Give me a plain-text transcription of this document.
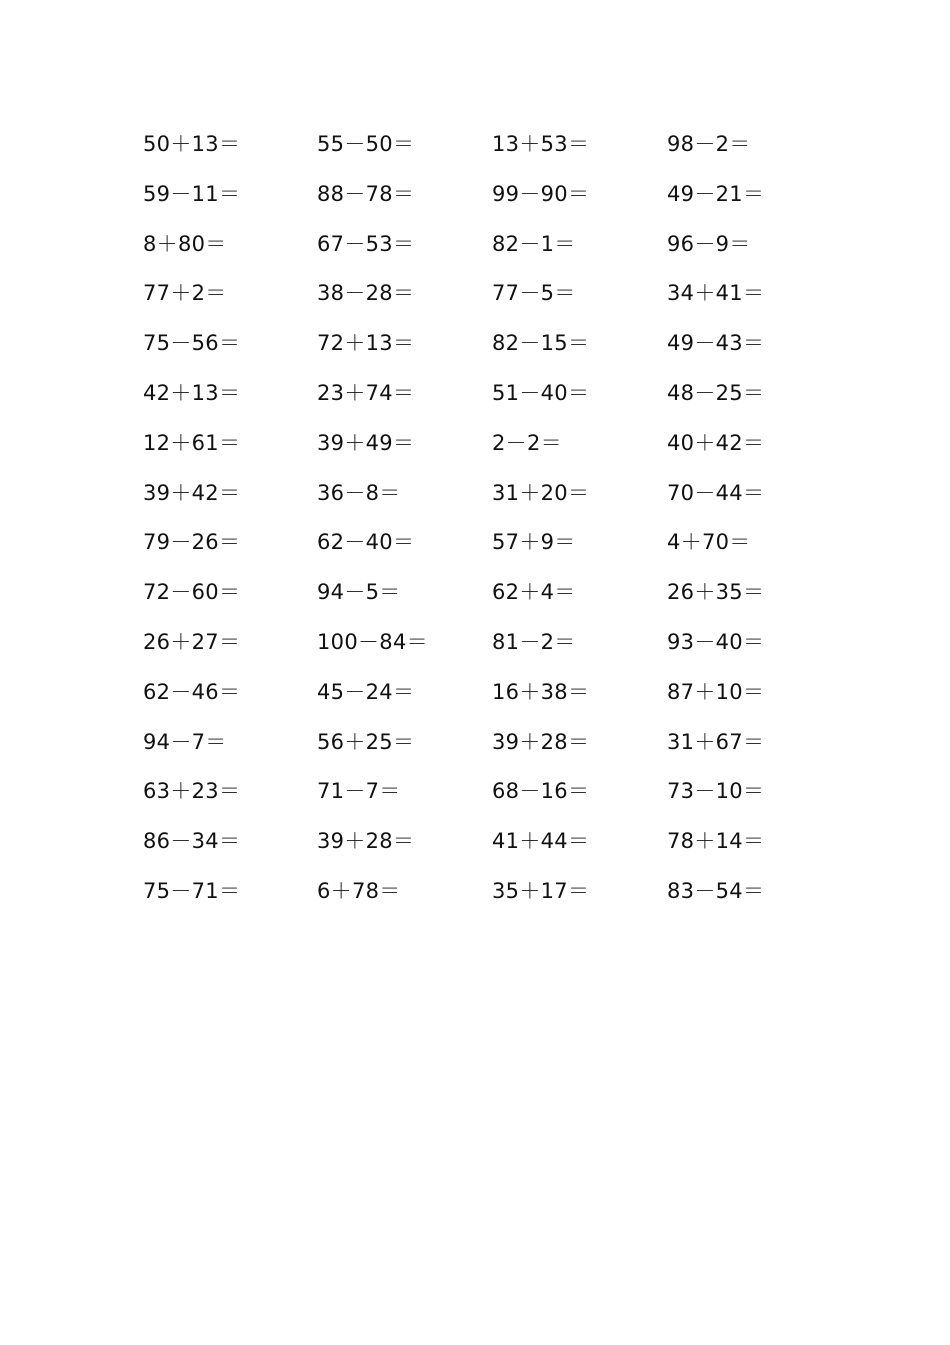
50＋13＝	55－50＝	13＋53＝	98－2＝
59－11＝	88－78＝	99－90＝	49－21＝
8＋80＝	67－53＝	82－1＝	96－9＝
77＋2＝	38－28＝	77－5＝	34＋41＝
75－56＝	72＋13＝	82－15＝	49－43＝
42＋13＝	23＋74＝	51－40＝	48－25＝
12＋61＝	39＋49＝	2－2＝	40＋42＝
39＋42＝	36－8＝	31＋20＝	70－44＝
79－26＝	62－40＝	57＋9＝	4＋70＝
72－60＝	94－5＝	62＋4＝	26＋35＝
26＋27＝	100－84＝	81－2＝	93－40＝
62－46＝	45－24＝	16＋38＝	87＋10＝
94－7＝	56＋25＝	39＋28＝	31＋67＝
63＋23＝	71－7＝	68－16＝	73－10＝
86－34＝	39＋28＝	41＋44＝	78＋14＝
75－71＝	6＋78＝	35＋17＝	83－54＝
